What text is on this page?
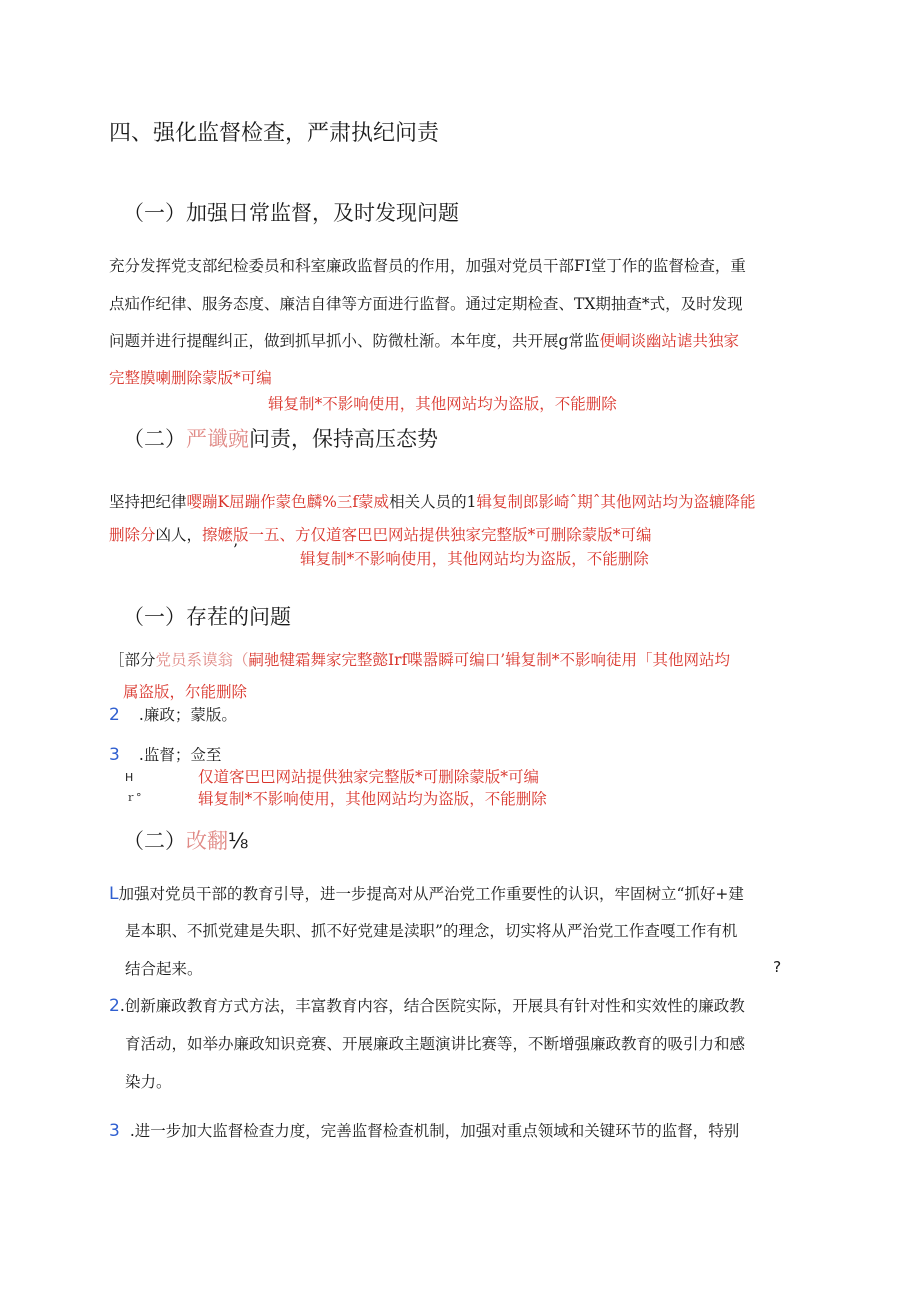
四、强化监督检查，严肃执纪问责
（一）加强日常监督，及时发现问题
充分发挥党支部纪检委员和科室廉政监督员的作用，加强对党员干部FI堂丁作的监督检查，重
点疝作纪律、服务态度、廉洁自律等方面进行监督。通过定期检查、TX期抽查*式，及时发现
问题并进行提醒纠正，做到抓早抓小、防微杜渐。本年度，共开展g常监便峒谈幽站谑共独家
完整膜喇删除蒙版*可编
辑复制*不影响使用，其他网站均为盗版，不能删除
（二）严谶豌问责，保持高压态势
坚持把纪律嘤蹦K屈蹦作蒙色麟%三f蒙威相关人员的1辑复制郎影崎ˆ期ˆ其他网站均为盗辘降能
删除分凶人，擦嬷版一五、方仅道客巴巴网站提供独家完整版*可删除蒙版*可编
’	辑复制*不影响使用，其他网站均为盗版，不能删除
（一）存茬的问题
［部分党员系谟翁（嗣驰犍霜舞家完整懿Irf喋嚣瞬可编口’辑复制*不影响徒用「其他网站均
属盗版，尔能删除
2 .廉政；蒙版。
3 .监督；佥至
H
ｒ°
仅道客巴巴网站提供独家完整版*可删除蒙版*可编
辑复制*不影响使用，其他网站均为盗版，不能删除
（二）改翻⅛
L加强对党员干部的教育引导，进一步提高对从严治党工作重要性的认识，牢固树立“抓好+建
是本职、不抓党建是失职、抓不好党建是渎职”的理念，切实将从严治党工作查嘎工作有机
结合起来。	?
2.创新廉政教育方式方法，丰富教育内容，结合医院实际，开展具有针对性和实效性的廉政教
育活动，如举办廉政知识竞赛、开展廉政主题演讲比赛等，不断增强廉政教育的吸引力和感
染力。
3 .进一步加大监督检查力度，完善监督检查机制，加强对重点领域和关键环节的监督，特别
